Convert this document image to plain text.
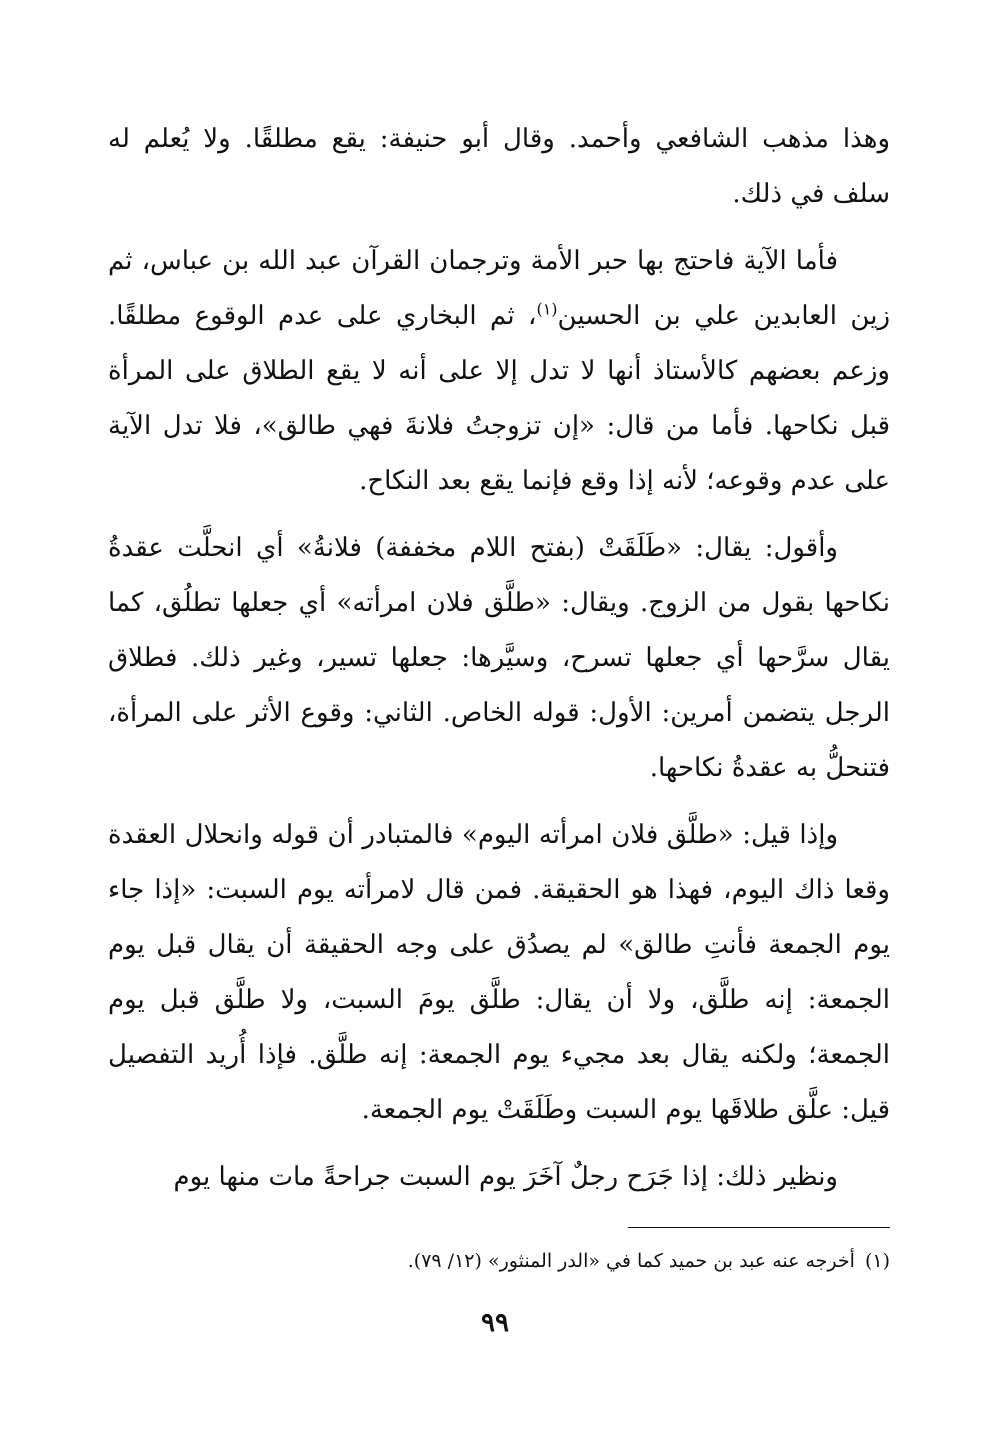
وهذا مذهب الشافعي وأحمد. وقال أبو حنيفة: يقع مطلقًا. ولا يُعلم له سلف في ذلك.

فأما الآية فاحتج بها حبر الأمة وترجمان القرآن عبد الله بن عباس، ثم زين العابدين علي بن الحسين$^{(١)}$، ثم البخاري على عدم الوقوع مطلقًا. وزعم بعضهم كالأستاذ أنها لا تدل إلا على أنه لا يقع الطلاق على المرأة قبل نكاحها. فأما من قال: «إن تزوجتُ فلانةَ فهي طالق»، فلا تدل الآية على عدم وقوعه؛ لأنه إذا وقع فإنما يقع بعد النكاح.

وأقول: يقال: «طَلَقَتْ (بفتح اللام مخففة) فلانةُ» أي انحلَّت عقدةُ نكاحها بقول من الزوج. ويقال: «طلَّق فلان امرأته» أي جعلها تطلُق، كما يقال سرَّحها أي جعلها تسرح، وسيَّرها: جعلها تسير، وغير ذلك. فطلاق الرجل يتضمن أمرين: الأول: قوله الخاص. الثاني: وقوع الأثر على المرأة، فتنحلُّ به عقدةُ نكاحها.

وإذا قيل: «طلَّق فلان امرأته اليوم» فالمتبادر أن قوله وانحلال العقدة وقعا ذاك اليوم، فهذا هو الحقيقة. فمن قال لامرأته يوم السبت: «إذا جاء يوم الجمعة فأنتِ طالق» لم يصدُق على وجه الحقيقة أن يقال قبل يوم الجمعة: إنه طلَّق، ولا أن يقال: طلَّق يومَ السبت، ولا طلَّق قبل يوم الجمعة؛ ولكنه يقال بعد مجيء يوم الجمعة: إنه طلَّق. فإذا أُريد التفصيل قيل: علَّق طلاقَها يوم السبت وطَلَقَتْ يوم الجمعة.

ونظير ذلك: إذا جَرَح رجلٌ آخَرَ يوم السبت جراحةً مات منها يوم

(١)أخرجه عنه عبد بن حميد كما في «الدر المنثور» (١٢/ ٧٩).
٩٩
